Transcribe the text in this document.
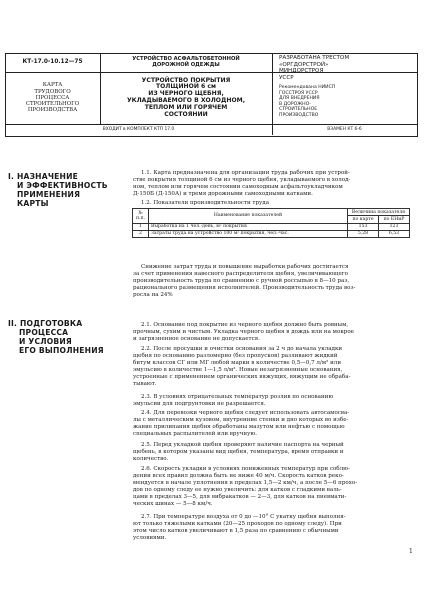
КТ-17.0-10.12—75
УСТРОЙСТВО АСФАЛЬТОБЕТОННОЙ
ДОРОЖНОЙ ОДЕЖДЫ
РАЗРАБОТАНА ТРЕСТОМ
«ОРГДОРСТРОЙ»
МИНДОРСТРОЯ
УССР
КАРТА
ТРУДОВОГО
ПРОЦЕССА
СТРОИТЕЛЬНОГО
ПРОИЗВОДСТВА
УСТРОЙСТВО ПОКРЫТИЯ
ТОЛЩИНОЙ 6 см
ИЗ ЧЕРНОГО ЩЕБНЯ,
УКЛАДЫВАЕМОГО В ХОЛОДНОМ,
ТЕПЛОМ ИЛИ ГОРЯЧЕМ
СОСТОЯНИИ
Рекомендована НИИСП
ГОССТРОЯ УССР
ДЛЯ ВНЕДРЕНИЯ
В ДОРОЖНО-
СТРОИТЕЛЬНОЕ
ПРОИЗВОДСТВО
ВХОДИТ в КОМПЛЕКТ КТП 17.0	ВЗАМЕН КТ 6-6
I. НАЗНАЧЕНИЕ
И ЭФФЕКТИВНОСТЬ
ПРИМЕНЕНИЯ
КАРТЫ
1.1. Карта предназначена для организации труда рабочих при устрой-
стве покрытия толщиной 6 см из черного щебня, укладываемого в холод-
ном, теплом или горячем состоянии самоходным асфальтоукладчиком
Д-150Б (Д-150А) и тремя дорожными самоходными катками.
1.2. Показатели производительности труда
№ п.п.	Наименование показателей	Величина показателя	
		по карте	по ЕНиР
1	Выработка на 1 чел.-день, м² покрытия	153	123
2	Затраты труда на устройство 100 м² покрытия, чел.-час.	5,28	6,53
Снижение затрат труда и повышение выработки рабочих достигается
за счет применения навесного распределителя щебня, увеличивающего
производительность труда по сравнению с ручной россыпью в 8—10 раз,
рационального размещения исполнителей. Производительность труда воз-
росла на 24%
II. ПОДГОТОВКА
ПРОЦЕССА
И УСЛОВИЯ
ЕГО ВЫПОЛНЕНИЯ
2.1. Основание под покрытие из черного щебня должно быть ровным,
прочным, сухим и чистым. Укладка черного щебня в дождь или на мокрое
и загрязненное основание не допускается.
2.2. После просушки и очистки основания за 2 ч до начала укладки
щебня по основанию разломерно (без пропусков) разливают жидкий
битум классов СГ или МГ любой марки в количестве 0,5—0,7 л/м² или
эмульсию в количестве 1—1,5 л/м². Новые незагрязненные основания,
устроенные с применением органических вяжущих, вяжущим не обраба-
тывают.
2.3. В условиях отрицательных температур розлив по основанию
эмульсии для подгрунтовки не разрешается.
2.4. Для перевозки черного щебня следует использовать автосамосва-
лы с металлическим кузовом, внутренние стенки и дно которых во избе-
жание прилипания щебня обработаны мазутом или нефтью с помощью
специальных распылителей или вручную.
2.5. Перед укладкой щебня проверяют наличие паспорта на черный
щебень, в котором указаны вид щебня, температура, время отправки и
количество.
2.6. Скорость укладки в условиях пониженных температур при соблю-
дении всех правил должна быть не ниже 40 м/ч. Скорость катков реко-
мендуется в начале уплотнения в пределах 1,5—2 км/ч, а после 5—6 прохо-
дов по одному следу ее нужно увеличить: для катков с гладкими валь-
цами в пределах 3—5, для вибракатков — 2—3, для катков на пневмати-
ческих шинах — 5—8 км/ч.
2.7. При температуре воздуха от 0 до —10° С укатку щебня выполня-
ют только тяжелыми катками (20—25 проходов по одному следу). При
этом число катков увеличивают в 1,5 раза по сравнению с обычными
условиями.
1
